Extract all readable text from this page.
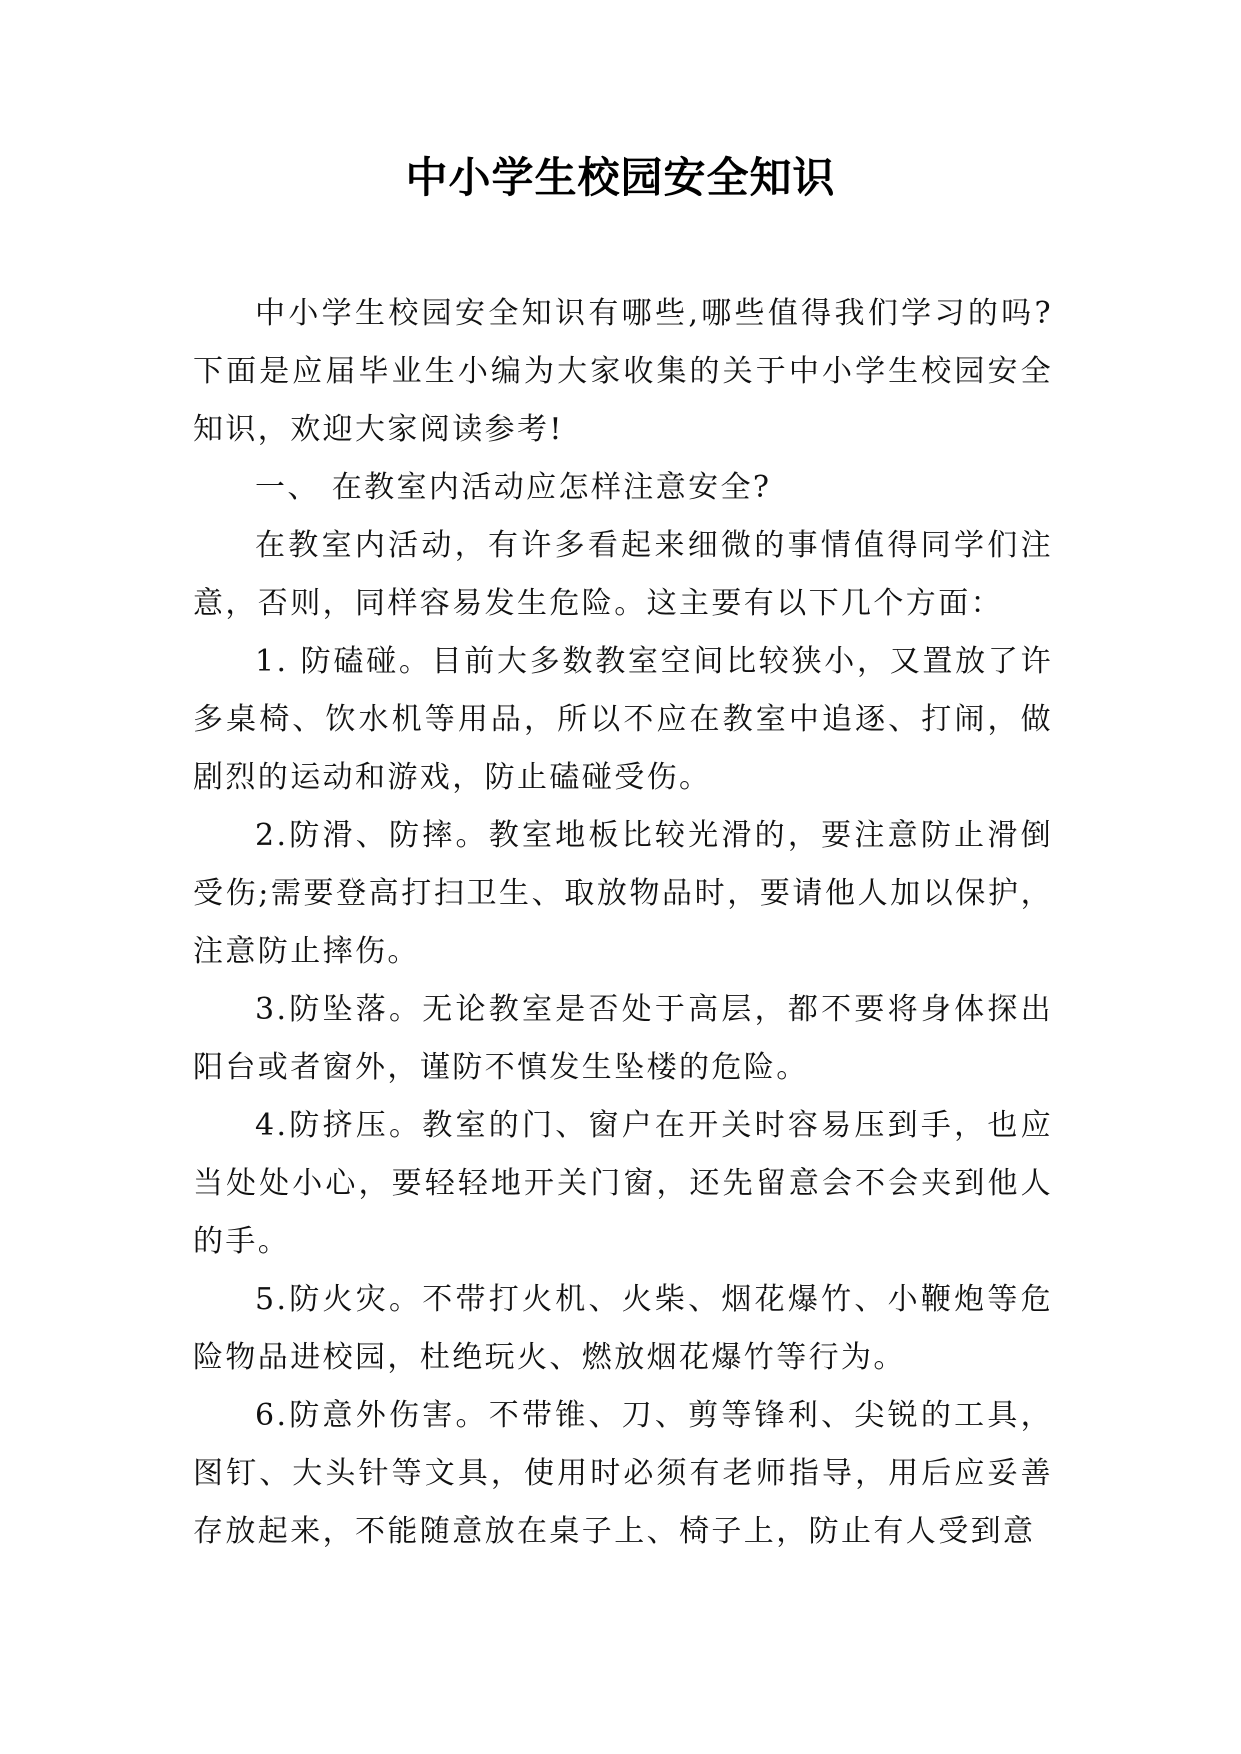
中小学生校园安全知识

中小学生校园安全知识有哪些,哪些值得我们学习的吗?下面是应届毕业生小编为大家收集的关于中小学生校园安全知识，欢迎大家阅读参考!

一、 在教室内活动应怎样注意安全?

在教室内活动，有许多看起来细微的事情值得同学们注意，否则，同样容易发生危险。这主要有以下几个方面：

1. 防磕碰。目前大多数教室空间比较狭小，又置放了许多桌椅、饮水机等用品，所以不应在教室中追逐、打闹，做剧烈的运动和游戏，防止磕碰受伤。

2.防滑、防摔。教室地板比较光滑的，要注意防止滑倒受伤;需要登高打扫卫生、取放物品时，要请他人加以保护，注意防止摔伤。

3.防坠落。无论教室是否处于高层，都不要将身体探出阳台或者窗外，谨防不慎发生坠楼的危险。

4.防挤压。教室的门、窗户在开关时容易压到手，也应当处处小心，要轻轻地开关门窗，还先留意会不会夹到他人的手。

5.防火灾。不带打火机、火柴、烟花爆竹、小鞭炮等危险物品进校园，杜绝玩火、燃放烟花爆竹等行为。

6.防意外伤害。不带锥、刀、剪等锋利、尖锐的工具，图钉、大头针等文具，使用时必须有老师指导，用后应妥善存放起来，不能随意放在桌子上、椅子上，防止有人受到意
